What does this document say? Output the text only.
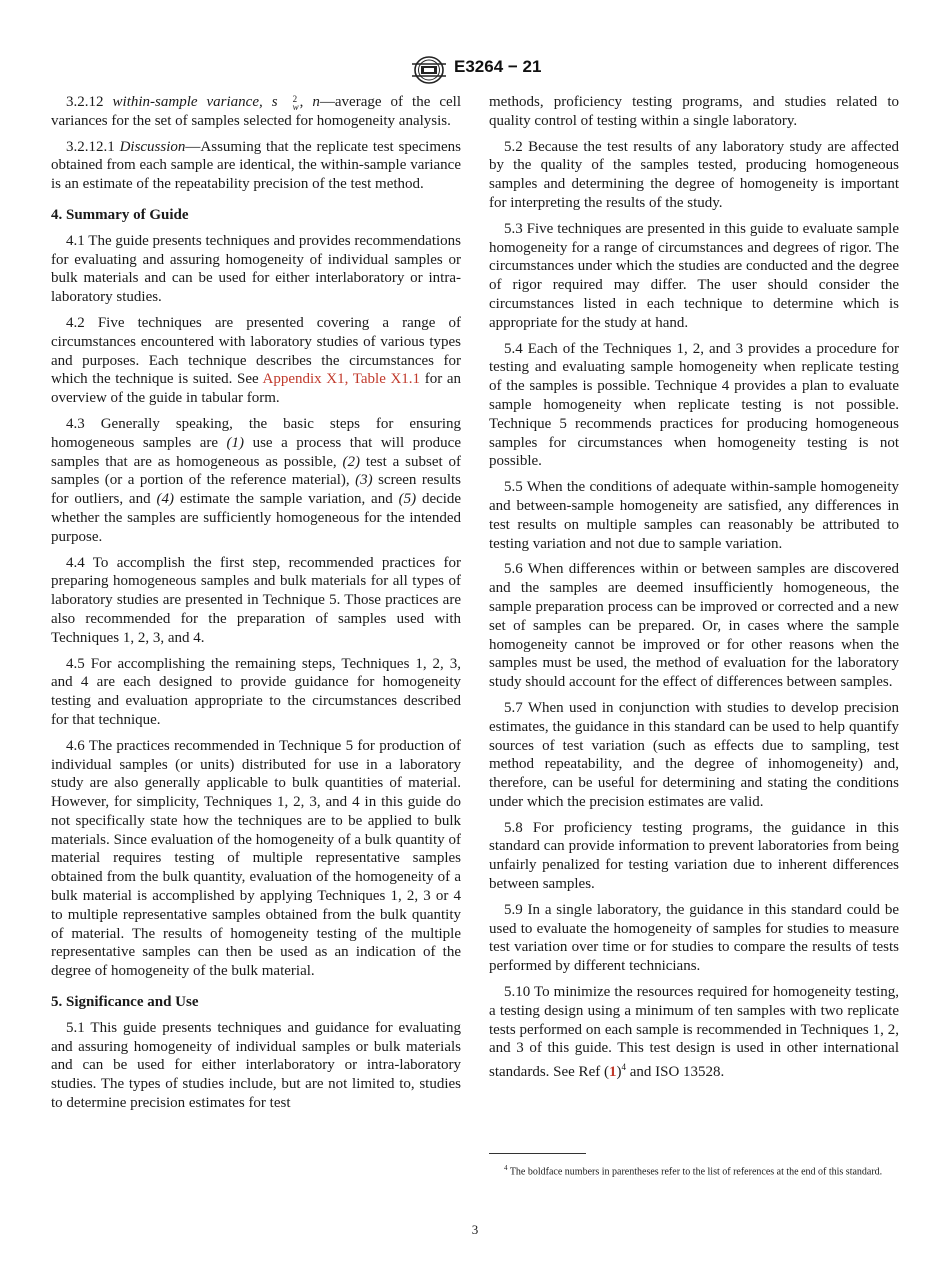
E3264 − 21

3.2.12 within-sample variance, s	2
w , n—average of the cell variances for the set of samples selected for homogeneity analysis.

3.2.12.1 Discussion—Assuming that the replicate test specimens obtained from each sample are identical, the within-sample variance is an estimate of the repeatability precision of the test method.

4. Summary of Guide

4.1 The guide presents techniques and provides recommendations for evaluating and assuring homogeneity of individual samples or bulk materials and can be used for either interlaboratory or intra-laboratory studies.

4.2 Five techniques are presented covering a range of circumstances encountered with laboratory studies of various types and purposes. Each technique describes the circumstances for which the technique is suited. See Appendix X1, Table X1.1 for an overview of the guide in tabular form.

4.3 Generally speaking, the basic steps for ensuring homogeneous samples are (1) use a process that will produce samples that are as homogeneous as possible, (2) test a subset of samples (or a portion of the reference material), (3) screen results for outliers, and (4) estimate the sample variation, and (5) decide whether the samples are sufficiently homogeneous for the intended purpose.

4.4 To accomplish the first step, recommended practices for preparing homogeneous samples and bulk materials for all types of laboratory studies are presented in Technique 5. Those practices are also recommended for the preparation of samples used with Techniques 1, 2, 3, and 4.

4.5 For accomplishing the remaining steps, Techniques 1, 2, 3, and 4 are each designed to provide guidance for homogeneity testing and evaluation appropriate to the circumstances described for that technique.

4.6 The practices recommended in Technique 5 for production of individual samples (or units) distributed for use in a laboratory study are also generally applicable to bulk quantities of material. However, for simplicity, Techniques 1, 2, 3, and 4 in this guide do not specifically state how the techniques are to be applied to bulk materials. Since evaluation of the homogeneity of a bulk quantity of material requires testing of multiple representative samples obtained from the bulk quantity, evaluation of the homogeneity of a bulk material is accomplished by applying Techniques 1, 2, 3 or 4 to multiple representative samples obtained from the bulk quantity of material. The results of homogeneity testing of the multiple representative samples can then be used as an indication of the degree of homogeneity of the bulk material.

5. Significance and Use

5.1 This guide presents techniques and guidance for evaluating and assuring homogeneity of individual samples or bulk materials and can be used for either interlaboratory or intra-laboratory studies. The types of studies include, but are not limited to, studies to determine precision estimates for test

methods, proficiency testing programs, and studies related to quality control of testing within a single laboratory.

5.2 Because the test results of any laboratory study are affected by the quality of the samples tested, producing homogeneous samples and determining the degree of homogeneity is important for interpreting the results of the study.

5.3 Five techniques are presented in this guide to evaluate sample homogeneity for a range of circumstances and degrees of rigor. The circumstances under which the studies are conducted and the degree of rigor required may differ. The user should consider the circumstances listed in each technique to determine which is appropriate for the study at hand.

5.4 Each of the Techniques 1, 2, and 3 provides a procedure for testing and evaluating sample homogeneity when replicate testing of the samples is possible. Technique 4 provides a plan to evaluate sample homogeneity when replicate testing is not possible. Technique 5 recommends practices for producing homogeneous samples for circumstances when homogeneity testing is not possible.

5.5 When the conditions of adequate within-sample homogeneity and between-sample homogeneity are satisfied, any differences in test results on multiple samples can reasonably be attributed to testing variation and not due to sample variation.

5.6 When differences within or between samples are discovered and the samples are deemed insufficiently homogeneous, the sample preparation process can be improved or corrected and a new set of samples can be prepared. Or, in cases where the sample homogeneity cannot be improved or for other reasons when the samples must be used, the method of evaluation for the laboratory study should account for the effect of differences between samples.

5.7 When used in conjunction with studies to develop precision estimates, the guidance in this standard can be used to help quantify sources of test variation (such as effects due to sampling, test method repeatability, and the degree of inhomogeneity) and, therefore, can be useful for determining and stating the conditions under which the precision estimates are valid.

5.8 For proficiency testing programs, the guidance in this standard can provide information to prevent laboratories from being unfairly penalized for testing variation due to inherent differences between samples.

5.9 In a single laboratory, the guidance in this standard could be used to evaluate the homogeneity of samples for studies to measure test variation over time or for studies to compare the results of tests performed by different technicians.

5.10 To minimize the resources required for homogeneity testing, a testing design using a minimum of ten samples with two replicate tests performed on each sample is recommended in Techniques 1, 2, and 3 of this guide. This test design is used in other international standards. See Ref $(1)^4$ and ISO 13528.

$^4$ The boldface numbers in parentheses refer to the list of references at the end of this standard.
3
